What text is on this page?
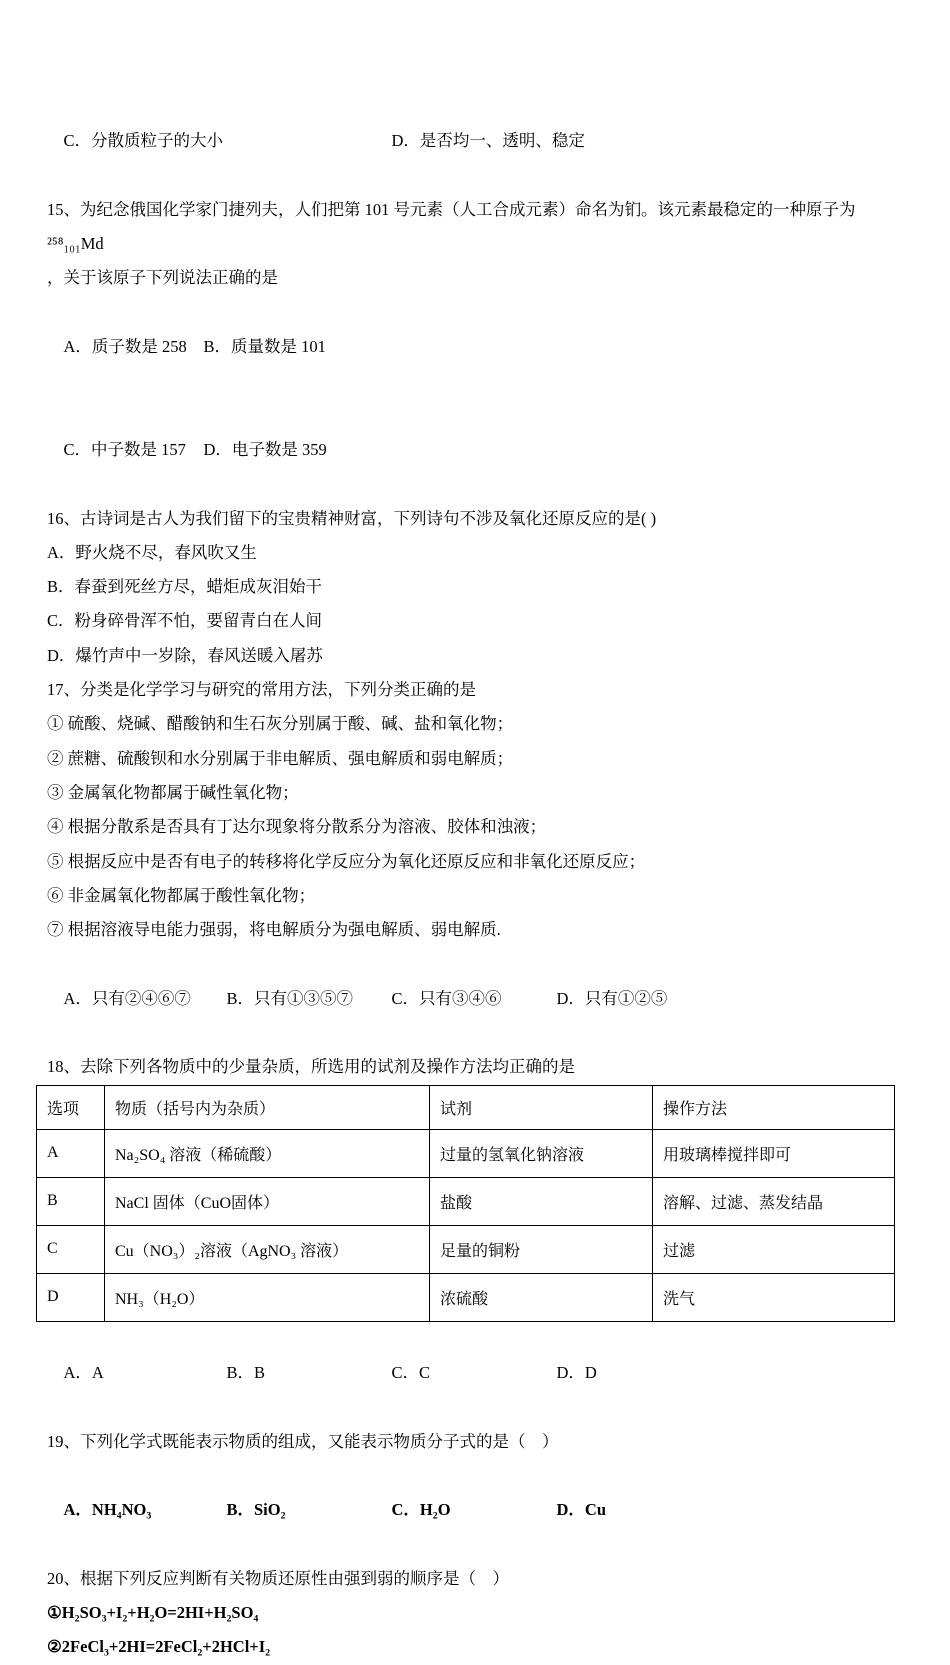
C．分散质粒子的大小	D．是否均一、透明、稳定

15、为纪念俄国化学家门捷列夫，人们把第 101 号元素（人工合成元素）命名为钔。该元素最稳定的一种原子为 ²⁵⁸₁₀₁Md
，关于该原子下列说法正确的是

A．质子数是 258 B．质量数是 101

C．中子数是 157 D．电子数是 359

16、古诗词是古人为我们留下的宝贵精神财富，下列诗句不涉及氧化还原反应的是( )
A．野火烧不尽，春风吹又生
B．春蚕到死丝方尽，蜡炬成灰泪始干
C．粉身碎骨浑不怕，要留青白在人间
D．爆竹声中一岁除，春风送暖入屠苏
17、分类是化学学习与研究的常用方法，下列分类正确的是
① 硫酸、烧碱、醋酸钠和生石灰分别属于酸、碱、盐和氧化物；
② 蔗糖、硫酸钡和水分别属于非电解质、强电解质和弱电解质；
③ 金属氧化物都属于碱性氧化物；
④ 根据分散系是否具有丁达尔现象将分散系分为溶液、胶体和浊液；
⑤ 根据反应中是否有电子的转移将化学反应分为氧化还原反应和非氧化还原反应；
⑥ 非金属氧化物都属于酸性氧化物；
⑦ 根据溶液导电能力强弱，将电解质分为强电解质、弱电解质.

A．只有②④⑥⑦ B．只有①③⑤⑦ C．只有③④⑥	D．只有①②⑤

18、去除下列各物质中的少量杂质，所选用的试剂及操作方法均正确的是
选项	物质（括号内为杂质）	试剂	操作方法
A	Na₂SO₄ 溶液（稀硫酸）	过量的氢氧化钠溶液	用玻璃棒搅拌即可
B	NaCl 固体（CuO固体）	盐酸	溶解、过滤、蒸发结晶
C	Cu（NO₃）₂溶液（AgNO₃ 溶液）	足量的铜粉	过滤
D	NH₃（H₂O）	浓硫酸	洗气

A．A	B．B	C．C	D．D

19、下列化学式既能表示物质的组成，又能表示物质分子式的是（　）

A．NH₄NO₃	B．SiO₂	C．H₂O	D．Cu

20、根据下列反应判断有关物质还原性由强到弱的顺序是（　）
①H₂SO₃+I₂+H₂O=2HI+H₂SO₄
②2FeCl₃+2HI=2FeCl₂+2HCl+I₂
